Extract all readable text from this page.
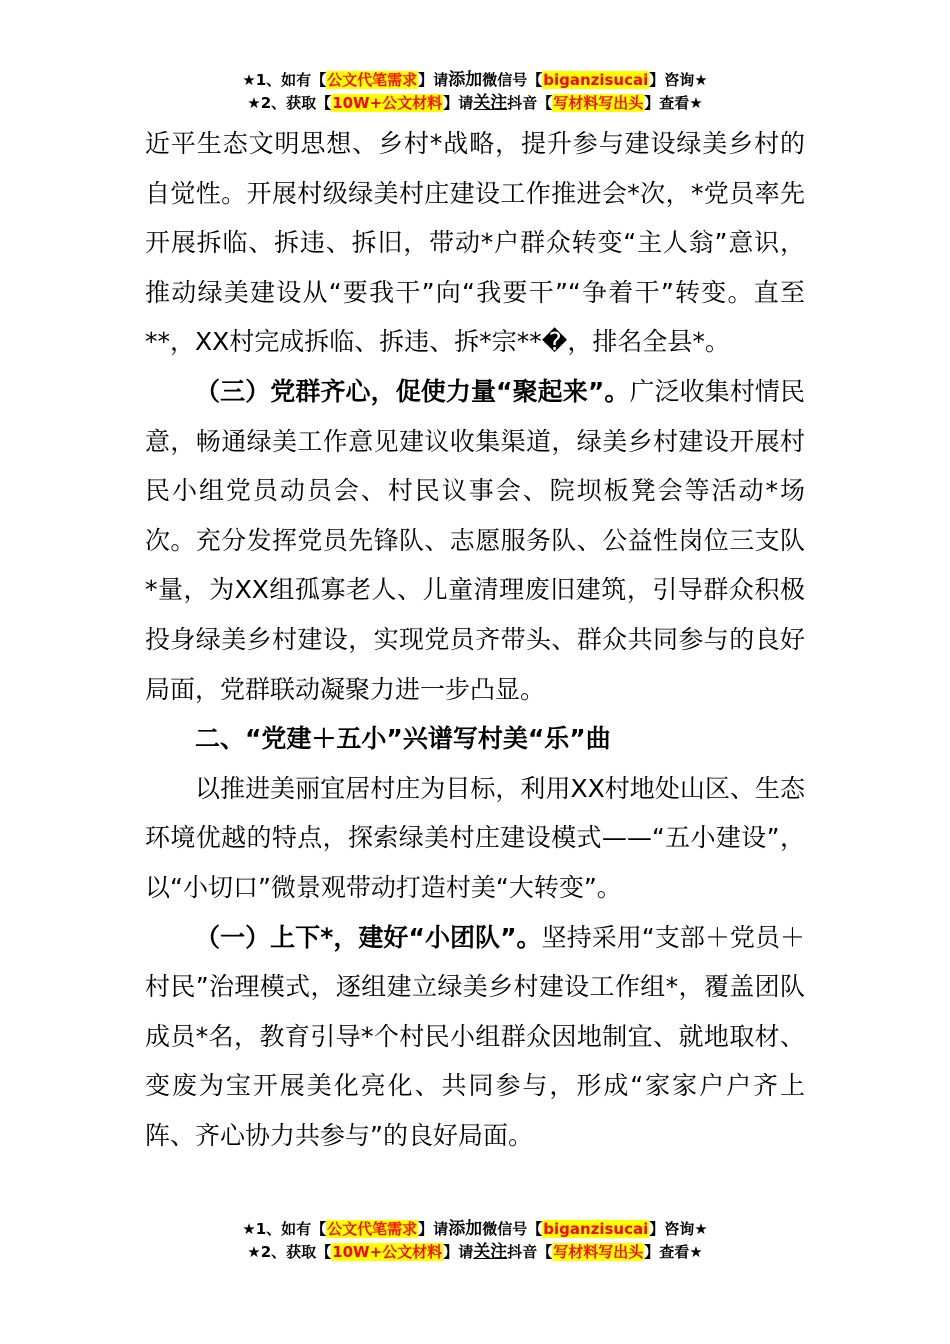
★1、如有【公文代笔需求】请添加微信号【biganzisucai】咨询★
★2、获取【10W+公文材料】请关注抖音【写材料写出头】查看★

近平生态文明思想、乡村*战略，提升参与建设绿美乡村的自觉性。开展村级绿美村庄建设工作推进会*次，*党员率先开展拆临、拆违、拆旧，带动*户群众转变“主人翁”意识，推动绿美建设从“要我干”向“我要干”“争着干”转变。直至**，XX村完成拆临、拆违、拆*宗**�，排名全县*。

（三）党群齐心，促使力量“聚起来”。广泛收集村情民意，畅通绿美工作意见建议收集渠道，绿美乡村建设开展村民小组党员动员会、村民议事会、院坝板凳会等活动*场次。充分发挥党员先锋队、志愿服务队、公益性岗位三支队*量，为XX组孤寡老人、儿童清理废旧建筑，引导群众积极投身绿美乡村建设，实现党员齐带头、群众共同参与的良好局面，党群联动凝聚力进一步凸显。

二、“党建＋五小”兴谱写村美“乐”曲

以推进美丽宜居村庄为目标，利用XX村地处山区、生态环境优越的特点，探索绿美村庄建设模式——“五小建设”，以“小切口”微景观带动打造村美“大转变”。

（一）上下*，建好“小团队”。坚持采用“支部＋党员＋村民”治理模式，逐组建立绿美乡村建设工作组*，覆盖团队成员*名，教育引导*个村民小组群众因地制宜、就地取材、变废为宝开展美化亮化、共同参与，形成“家家户户齐上阵、齐心协力共参与”的良好局面。

★1、如有【公文代笔需求】请添加微信号【biganzisucai】咨询★
★2、获取【10W+公文材料】请关注抖音【写材料写出头】查看★
